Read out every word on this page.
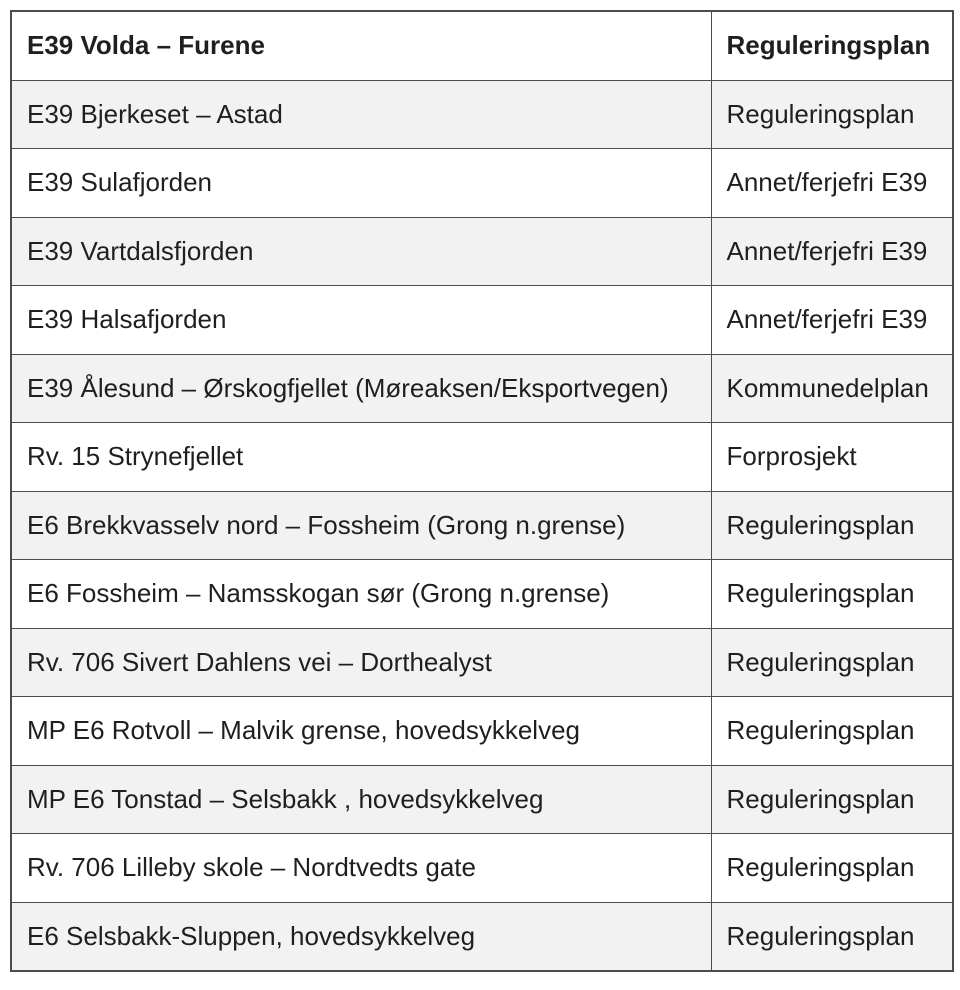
E39 Volda – Furene	Reguleringsplan
E39 Bjerkeset – Astad	Reguleringsplan
E39 Sulafjorden	Annet/ferjefri E39
E39 Vartdalsfjorden	Annet/ferjefri E39
E39 Halsafjorden	Annet/ferjefri E39
E39 Ålesund – Ørskogfjellet (Møreaksen/Eksportvegen)	Kommunedelplan
Rv. 15 Strynefjellet	Forprosjekt
E6 Brekkvasselv nord – Fossheim (Grong n.grense)	Reguleringsplan
E6 Fossheim – Namsskogan sør (Grong n.grense)	Reguleringsplan
Rv. 706 Sivert Dahlens vei – Dorthealyst	Reguleringsplan
MP E6 Rotvoll – Malvik grense, hovedsykkelveg	Reguleringsplan
MP E6 Tonstad – Selsbakk , hovedsykkelveg	Reguleringsplan
Rv. 706 Lilleby skole – Nordtvedts gate	Reguleringsplan
E6 Selsbakk-Sluppen, hovedsykkelveg	Reguleringsplan
